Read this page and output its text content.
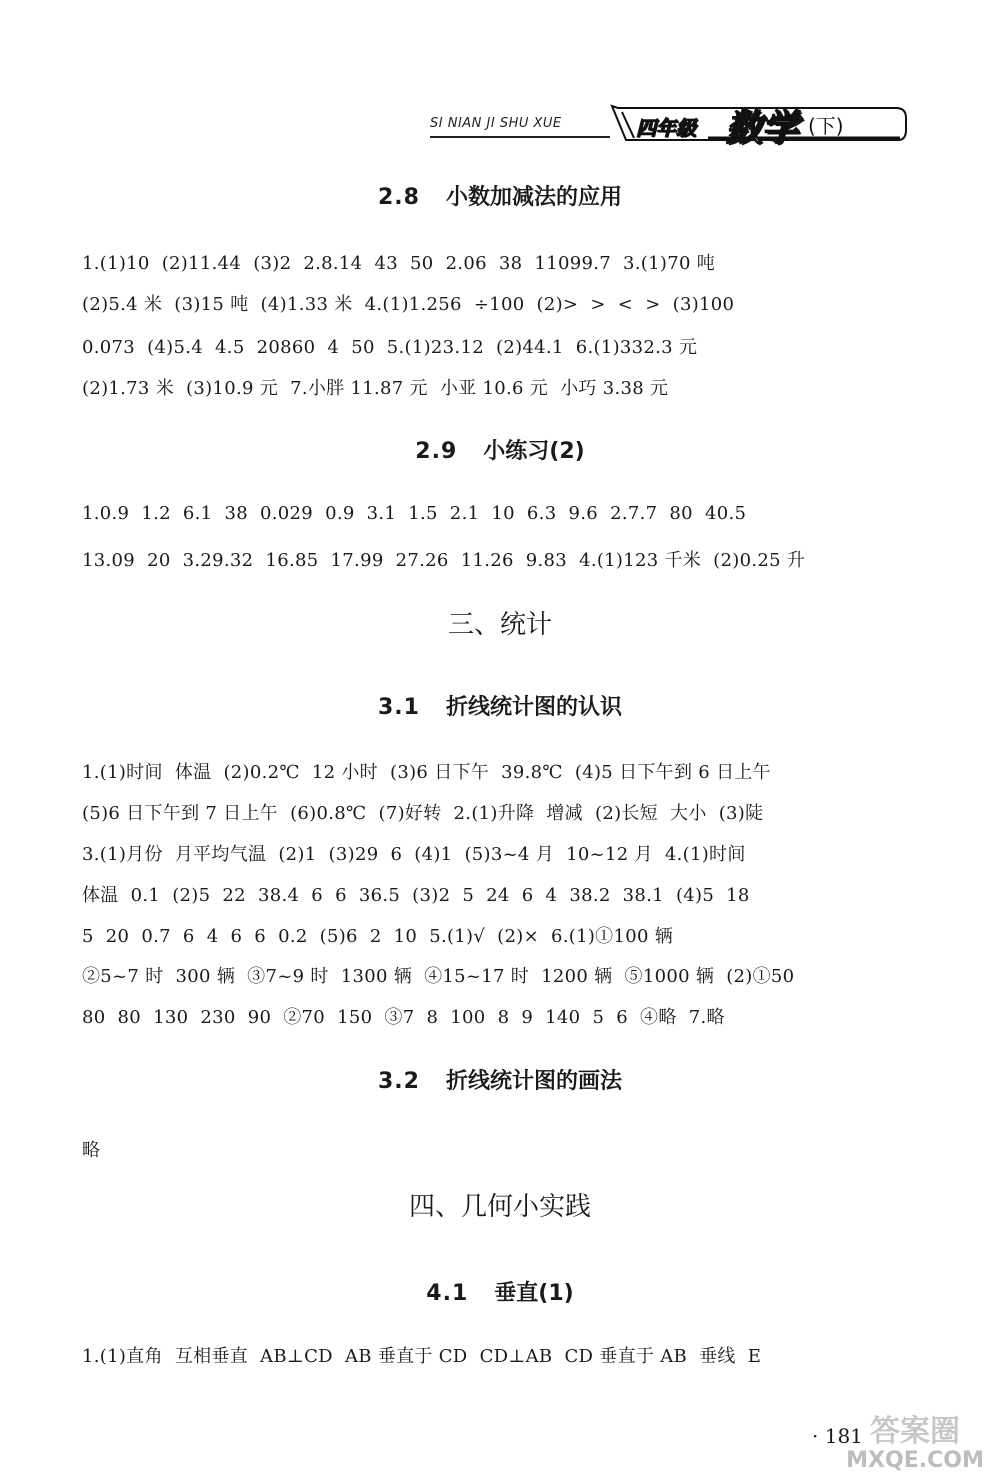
SI NIAN JI SHU XUE	四年级 数学 (下)
2.8 小数加减法的应用
1.(1)10  (2)11.44  (3)2  2.8.14  43  50  2.06  38  11099.7  3.(1)70 吨
(2)5.4 米  (3)15 吨  (4)1.33 米  4.(1)1.256  ÷100  (2)>  >  <  >  (3)100
0.073  (4)5.4  4.5  20860  4  50  5.(1)23.12  (2)44.1  6.(1)332.3 元
(2)1.73 米  (3)10.9 元  7.小胖 11.87 元  小亚 10.6 元  小巧 3.38 元
2.9 小练习(2)
1.0.9  1.2  6.1  38  0.029  0.9  3.1  1.5  2.1  10  6.3  9.6  2.7.7  80  40.5
13.09  20  3.29.32  16.85  17.99  27.26  11.26  9.83  4.(1)123 千米  (2)0.25 升
三、统计
3.1 折线统计图的认识
1.(1)时间  体温  (2)0.2℃  12 小时  (3)6 日下午  39.8℃  (4)5 日下午到 6 日上午
(5)6 日下午到 7 日上午  (6)0.8℃  (7)好转  2.(1)升降  增减  (2)长短  大小  (3)陡
3.(1)月份  月平均气温  (2)1  (3)29  6  (4)1  (5)3~4 月  10~12 月  4.(1)时间
体温  0.1  (2)5  22  38.4  6  6  36.5  (3)2  5  24  6  4  38.2  38.1  (4)5  18
5  20  0.7  6  4  6  6  0.2  (5)6  2  10  5.(1)√  (2)×  6.(1)①100 辆
②5~7 时  300 辆  ③7~9 时  1300 辆  ④15~17 时  1200 辆  ⑤1000 辆  (2)①50
80  80  130  230  90  ②70  150  ③7  8  100  8  9  140  5  6  ④略  7.略
3.2 折线统计图的画法
略
四、几何小实践
4.1 垂直(1)
1.(1)直角  互相垂直  AB⊥CD  AB 垂直于 CD  CD⊥AB  CD 垂直于 AB  垂线  E
· 181 答案圈
MXQE.COM
